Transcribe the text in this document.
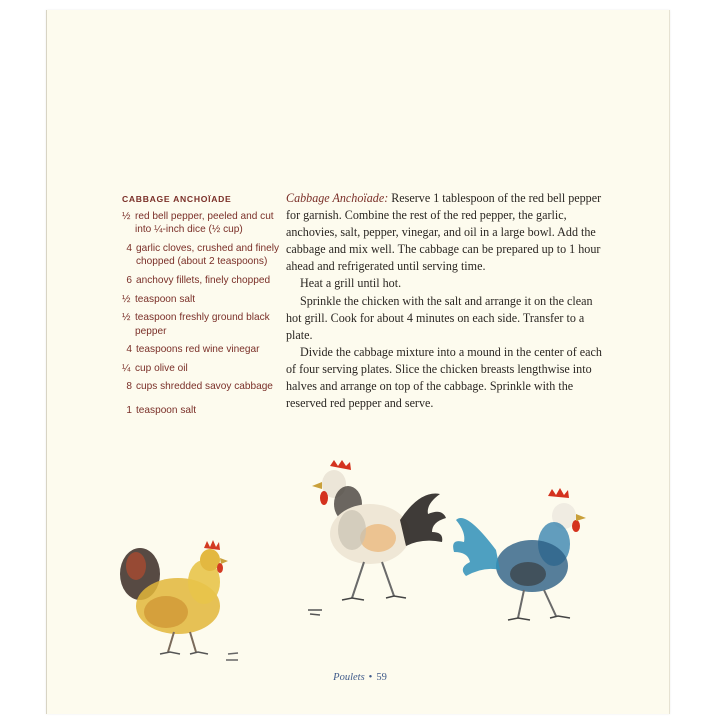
CABBAGE ANCHOÏADE
½ red bell pepper, peeled and cut into ¼-inch dice (½ cup)
4 garlic cloves, crushed and finely chopped (about 2 teaspoons)
6 anchovy fillets, finely chopped
½ teaspoon salt
½ teaspoon freshly ground black pepper
4 teaspoons red wine vinegar
¼ cup olive oil
8 cups shredded savoy cabbage
1 teaspoon salt

Cabbage Anchoïade: Reserve 1 tablespoon of the red bell pepper for garnish. Combine the rest of the red pepper, the garlic, anchovies, salt, pepper, vinegar, and oil in a large bowl. Add the cabbage and mix well. The cabbage can be prepared up to 1 hour ahead and refrigerated until serving time.

Heat a grill until hot.

Sprinkle the chicken with the salt and arrange it on the clean hot grill. Cook for about 4 minutes on each side. Transfer to a plate.

Divide the cabbage mixture into a mound in the center of each of four serving plates. Slice the chicken breasts lengthwise into halves and arrange on top of the cabbage. Sprinkle with the reserved red pepper and serve.

Poulets • 59
